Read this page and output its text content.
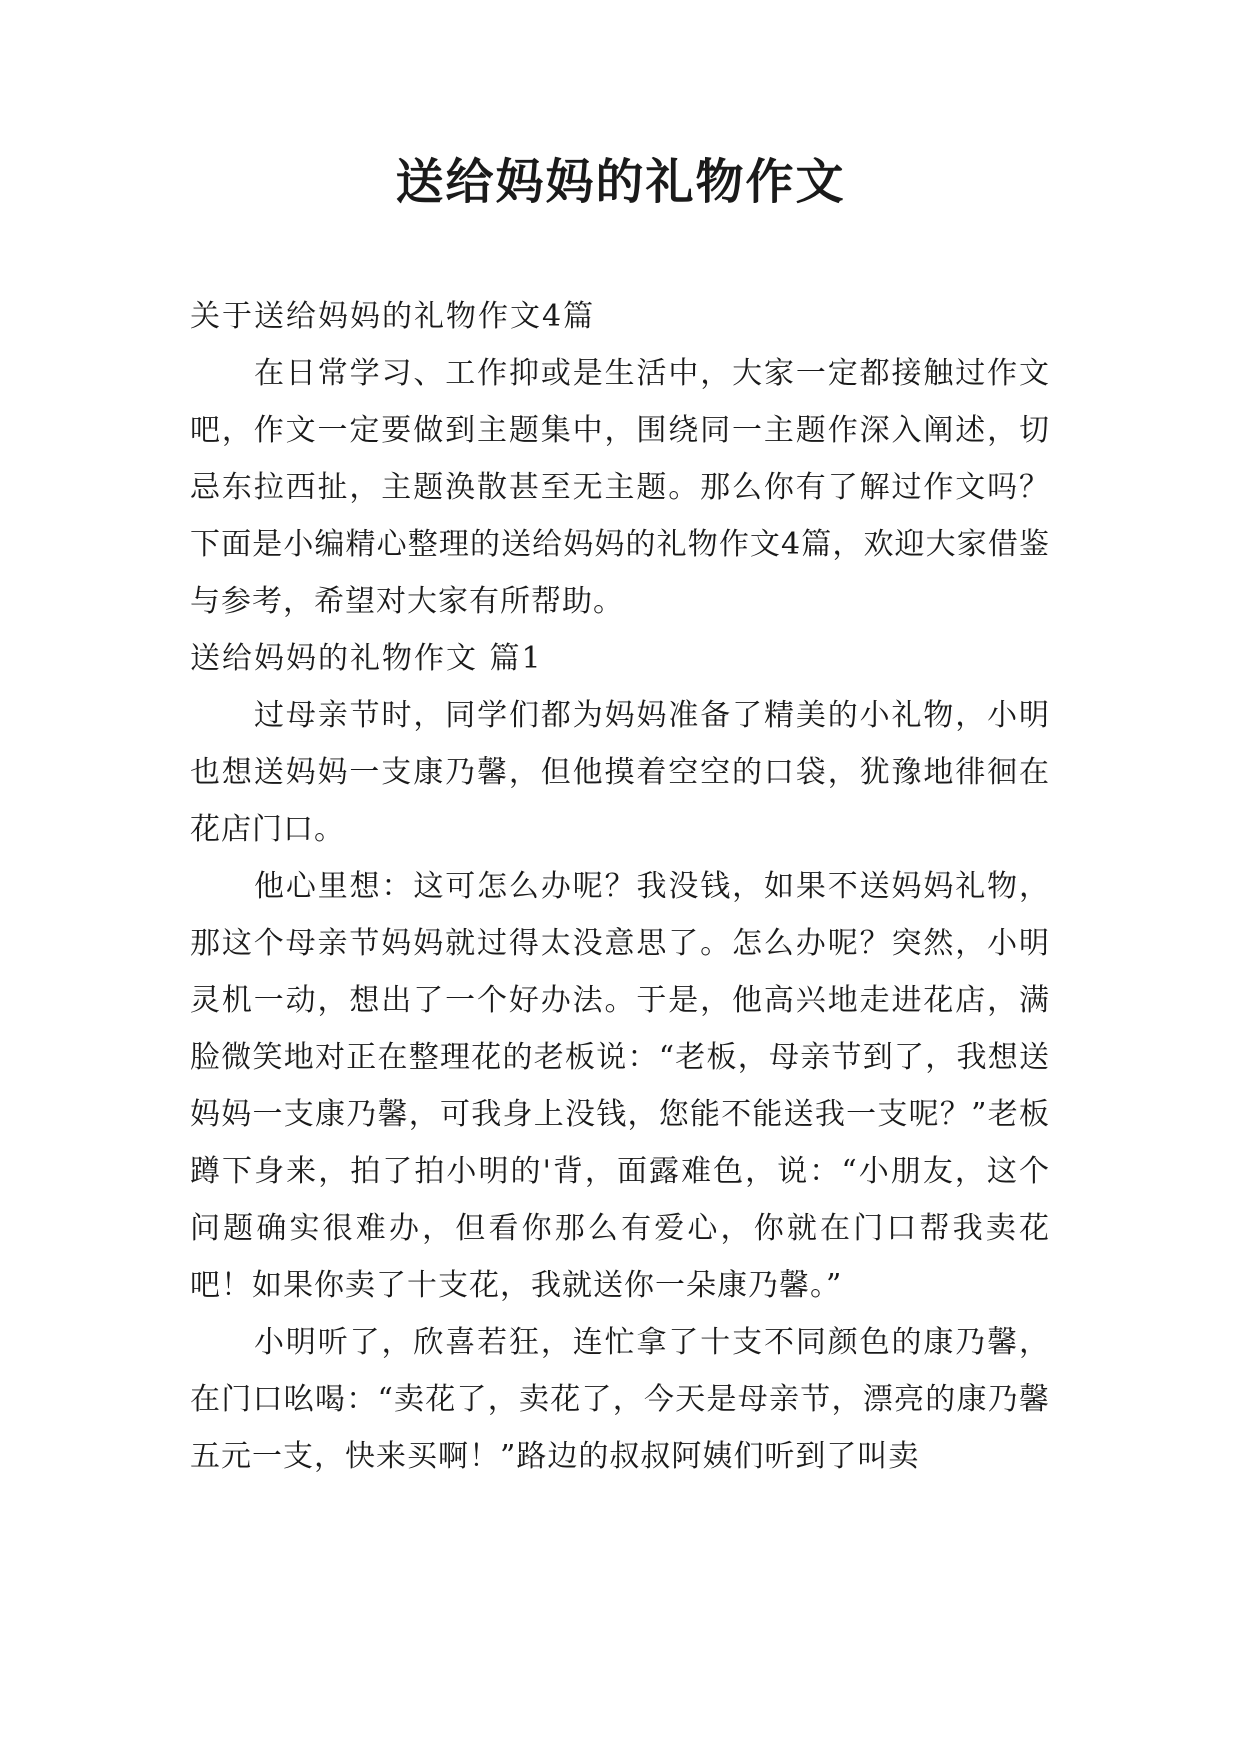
送给妈妈的礼物作文

关于送给妈妈的礼物作文4篇

在日常学习、工作抑或是生活中，大家一定都接触过作文吧，作文一定要做到主题集中，围绕同一主题作深入阐述，切忌东拉西扯，主题涣散甚至无主题。那么你有了解过作文吗？下面是小编精心整理的送给妈妈的礼物作文4篇，欢迎大家借鉴与参考，希望对大家有所帮助。

送给妈妈的礼物作文 篇1

过母亲节时，同学们都为妈妈准备了精美的小礼物，小明也想送妈妈一支康乃馨，但他摸着空空的口袋，犹豫地徘徊在花店门口。

他心里想：这可怎么办呢？我没钱，如果不送妈妈礼物，那这个母亲节妈妈就过得太没意思了。怎么办呢？突然，小明灵机一动，想出了一个好办法。于是，他高兴地走进花店，满脸微笑地对正在整理花的老板说：“老板，母亲节到了，我想送妈妈一支康乃馨，可我身上没钱，您能不能送我一支呢？”老板蹲下身来，拍了拍小明的'背，面露难色，说：“小朋友，这个问题确实很难办，但看你那么有爱心，你就在门口帮我卖花吧！如果你卖了十支花，我就送你一朵康乃馨。”

小明听了，欣喜若狂，连忙拿了十支不同颜色的康乃馨，在门口吆喝：“卖花了，卖花了，今天是母亲节，漂亮的康乃馨五元一支，快来买啊！”路边的叔叔阿姨们听到了叫卖
